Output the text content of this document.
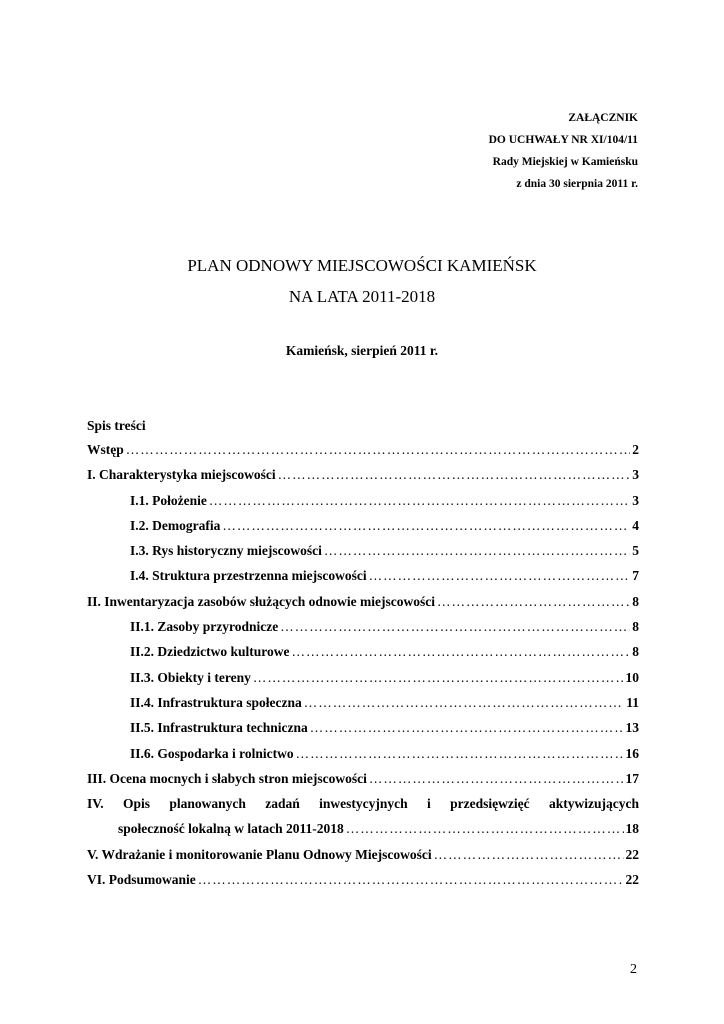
ZAŁĄCZNIK
DO UCHWAŁY NR XI/104/11
Rady Miejskiej w Kamieńsku
z dnia 30 sierpnia 2011 r.
PLAN ODNOWY MIEJSCOWOŚCI KAMIEŃSK
NA LATA 2011-2018
Kamieńsk, sierpień 2011 r.
Spis treści
Wstęp ……………………………………………………………………………………………………………………………………………………………………………	2
I. Charakterystyka miejscowości ……………………………………………………………………………………………………………………………………………………………………………	3
I.1. Położenie ……………………………………………………………………………………………………………………………………………………………………………	3
I.2. Demografia ……………………………………………………………………………………………………………………………………………………………………………	4
I.3. Rys historyczny miejscowości ……………………………………………………………………………………………………………………………………………………………………………	5
I.4. Struktura przestrzenna miejscowości ……………………………………………………………………………………………………………………………………………………………………………	7
II. Inwentaryzacja zasobów służących odnowie miejscowości ……………………………………………………………………………………………………………………………………………………………………………	8
II.1. Zasoby przyrodnicze ……………………………………………………………………………………………………………………………………………………………………………	8
II.2. Dziedzictwo kulturowe ……………………………………………………………………………………………………………………………………………………………………………	8
II.3. Obiekty i tereny ……………………………………………………………………………………………………………………………………………………………………………	10
II.4. Infrastruktura społeczna ……………………………………………………………………………………………………………………………………………………………………………	11
II.5. Infrastruktura techniczna ……………………………………………………………………………………………………………………………………………………………………………	13
II.6. Gospodarka i rolnictwo ……………………………………………………………………………………………………………………………………………………………………………	16
III. Ocena mocnych i słabych stron miejscowości ……………………………………………………………………………………………………………………………………………………………………………	17
IV. Opis planowanych zadań inwestycyjnych i przedsięwzięć aktywizujących
społeczność lokalną w latach 2011-2018 ……………………………………………………………………………………………………………………………………………………………………………	18
V. Wdrażanie i monitorowanie Planu Odnowy Miejscowości ……………………………………………………………………………………………………………………………………………………………………………	22
VI. Podsumowanie ……………………………………………………………………………………………………………………………………………………………………………	22
2
